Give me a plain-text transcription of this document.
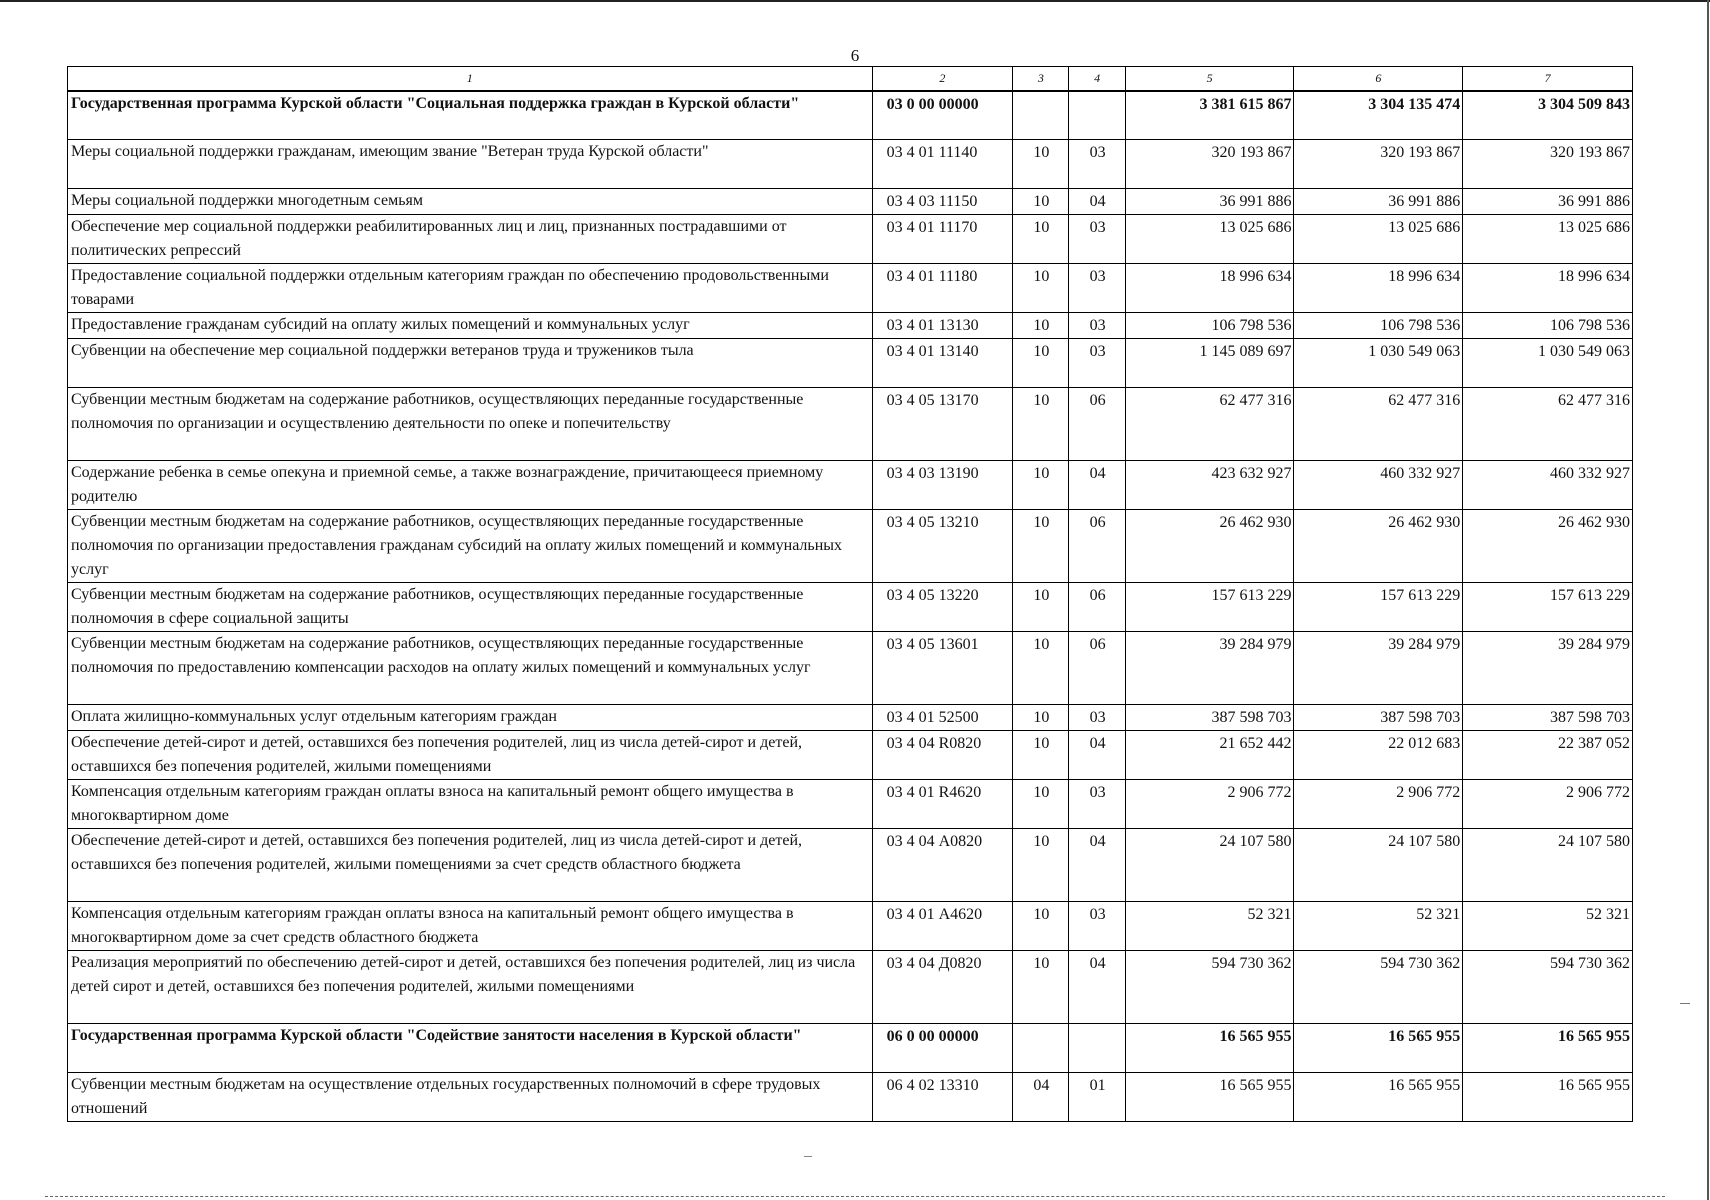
6
1	2	3	4	5	6	7
Государственная программа Курской области "Социальная поддержка граждан в Курской области"	03 0 00 00000			3 381 615 867	3 304 135 474	3 304 509 843
Меры социальной поддержки гражданам, имеющим звание "Ветеран труда Курской области"	03 4 01 11140	10	03	320 193 867	320 193 867	320 193 867
Меры социальной поддержки многодетным семьям	03 4 03 11150	10	04	36 991 886	36 991 886	36 991 886
Обеспечение мер социальной поддержки реабилитированных лиц и лиц, признанных пострадавшими от политических репрессий	03 4 01 11170	10	03	13 025 686	13 025 686	13 025 686
Предоставление социальной поддержки отдельным категориям граждан по обеспечению продовольственными товарами	03 4 01 11180	10	03	18 996 634	18 996 634	18 996 634
Предоставление гражданам субсидий на оплату жилых помещений и коммунальных услуг	03 4 01 13130	10	03	106 798 536	106 798 536	106 798 536
Субвенции на обеспечение мер социальной поддержки ветеранов труда и тружеников тыла	03 4 01 13140	10	03	1 145 089 697	1 030 549 063	1 030 549 063
Субвенции местным бюджетам на содержание работников, осуществляющих переданные государственные полномочия по организации и осуществлению деятельности по опеке и попечительству	03 4 05 13170	10	06	62 477 316	62 477 316	62 477 316
Содержание ребенка в семье опекуна и приемной семье, а также вознаграждение, причитающееся приемному родителю	03 4 03 13190	10	04	423 632 927	460 332 927	460 332 927
Субвенции местным бюджетам на содержание работников, осуществляющих переданные государственные полномочия по организации предоставления гражданам субсидий на оплату жилых помещений и коммунальных услуг	03 4 05 13210	10	06	26 462 930	26 462 930	26 462 930
Субвенции местным бюджетам на содержание работников, осуществляющих переданные государственные полномочия в сфере социальной защиты	03 4 05 13220	10	06	157 613 229	157 613 229	157 613 229
Субвенции местным бюджетам на содержание работников, осуществляющих переданные государственные полномочия по предоставлению компенсации расходов на оплату жилых помещений и коммунальных услуг	03 4 05 13601	10	06	39 284 979	39 284 979	39 284 979
Оплата жилищно-коммунальных услуг отдельным категориям граждан	03 4 01 52500	10	03	387 598 703	387 598 703	387 598 703
Обеспечение детей-сирот и детей, оставшихся без попечения родителей, лиц из числа детей-сирот и детей, оставшихся без попечения родителей, жилыми помещениями	03 4 04 R0820	10	04	21 652 442	22 012 683	22 387 052
Компенсация отдельным категориям граждан оплаты взноса на капитальный ремонт общего имущества в многоквартирном доме	03 4 01 R4620	10	03	2 906 772	2 906 772	2 906 772
Обеспечение детей-сирот и детей, оставшихся без попечения родителей, лиц из числа детей-сирот и детей, оставшихся без попечения родителей, жилыми помещениями за счет средств областного бюджета	03 4 04 А0820	10	04	24 107 580	24 107 580	24 107 580
Компенсация отдельным категориям граждан оплаты взноса на капитальный ремонт общего имущества в многоквартирном доме за счет средств областного бюджета	03 4 01 А4620	10	03	52 321	52 321	52 321
Реализация мероприятий по обеспечению детей-сирот и детей, оставшихся без попечения родителей, лиц из числа детей сирот и детей, оставшихся без попечения родителей, жилыми помещениями	03 4 04 Д0820	10	04	594 730 362	594 730 362	594 730 362
Государственная программа Курской области "Содействие занятости населения в Курской области"	06 0 00 00000			16 565 955	16 565 955	16 565 955
Субвенции местным бюджетам на осуществление отдельных государственных полномочий в сфере трудовых отношений	06 4 02 13310	04	01	16 565 955	16 565 955	16 565 955
